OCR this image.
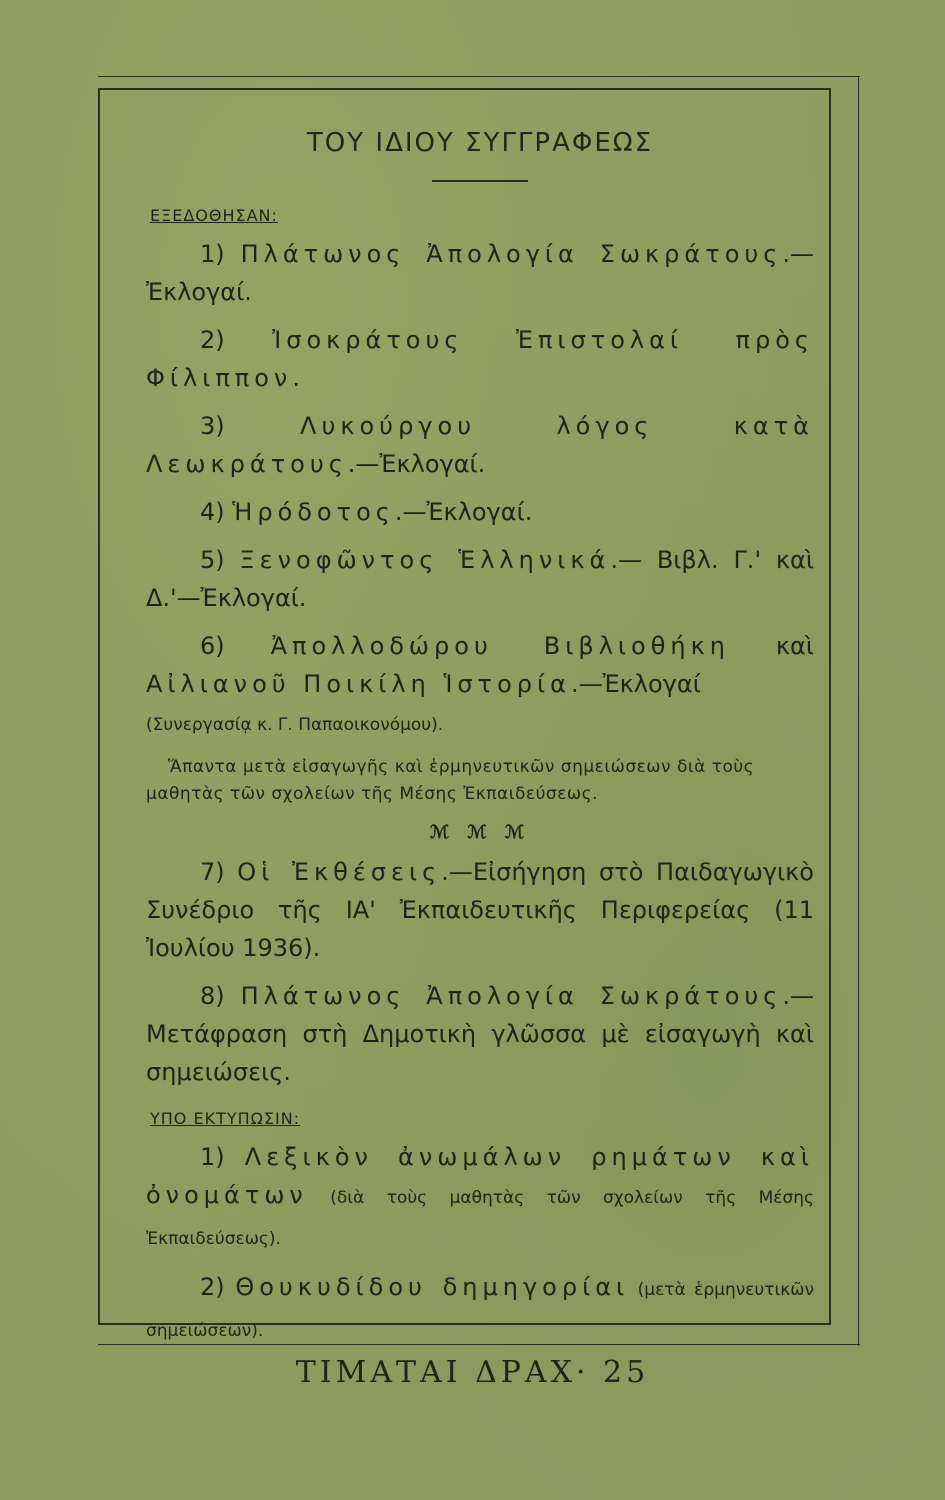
ΤΟΥ ΙΔΙΟΥ ΣΥΓΓΡΑΦΕΩΣ
ΕΞΕΔΟΘΗΣΑΝ:

1) Πλάτωνος Ἀπολογία Σωκράτους.—Ἐκλογαί.

2) Ἰσοκράτους Ἐπιστολαί πρὸς Φίλιππον.

3)	Λυκούργου λόγος κατὰ Λεωκράτους.—Ἐκλογαί.

4) Ἡρόδοτος.—Ἐκλογαί.

5) Ξενοφῶντος Ἑλληνικά.— Βιβλ. Γ.' καὶ Δ.'—Ἐκλογαί.

6) Ἀπολλοδώρου Βιβλιοθήκη καὶ Αἰλιανοῦ Ποικίλη Ἱστορία.—Ἐκλογαί
(Συνεργασίᾳ κ. Γ. Παπαοικονόμου).

Ἅπαντα μετὰ εἰσαγωγῆς καὶ ἑρμηνευτικῶν σημειώσεων διὰ τοὺς μαθητὰς τῶν σχολείων τῆς Μέσης Ἐκπαιδεύσεως.

ℳ ℳ ℳ

7) Οἱ Ἐκθέσεις.—Εἰσήγηση στὸ Παιδαγωγικὸ Συνέδριο τῆς ΙΑ' Ἐκπαιδευτικῆς Περιφερείας (11 Ἰουλίου 1936).

8) Πλάτωνος Ἀπολογία Σωκράτους.— Μετάφραση στὴ Δημοτικὴ γλῶσσα μὲ εἰσαγωγὴ καὶ σημειώσεις.

ΥΠΟ ΕΚΤΥΠΩΣΙΝ:

1) Λεξικὸν ἀνωμάλων ρημάτων καὶ ὀνομάτων (διὰ τοὺς μαθητὰς τῶν σχολείων τῆς Μέσης Ἐκπαιδεύσεως).

2) Θουκυδίδου δημηγορίαι (μετὰ ἑρμηνευτικῶν σημειώσεων).

ΤΙΜΑΤΑΙ ΔΡΑΧ· 25
